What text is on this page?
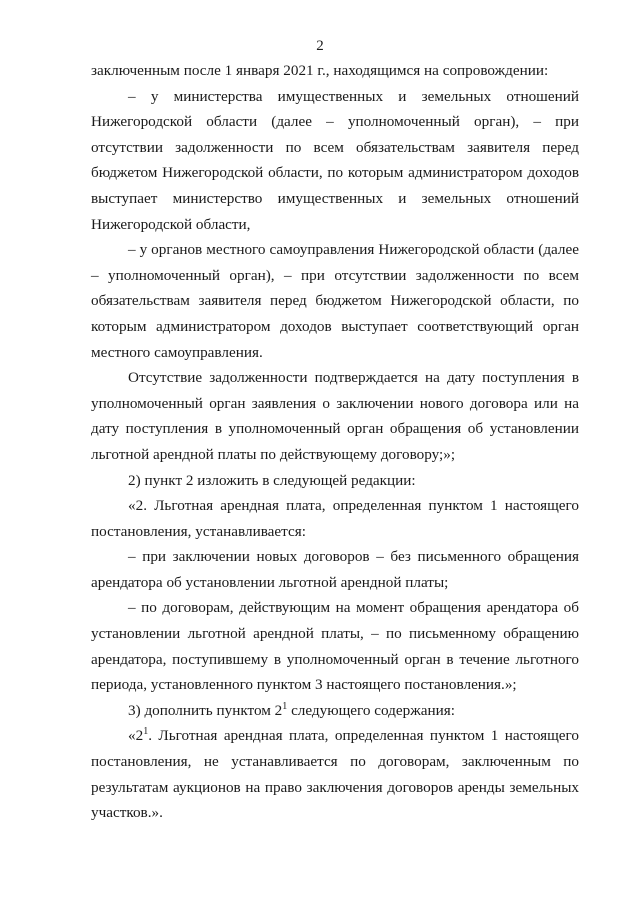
2

заключенным после 1 января 2021 г., находящимся на сопровождении:

– у министерства имущественных и земельных отношений Нижегородской области (далее – уполномоченный орган), – при отсутствии задолженности по всем обязательствам заявителя перед бюджетом Нижегородской области, по которым администратором доходов выступает министерство имущественных и земельных отношений Нижегородской области,

– у органов местного самоуправления Нижегородской области (далее – уполномоченный орган), – при отсутствии задолженности по всем обязательствам заявителя перед бюджетом Нижегородской области, по которым администратором доходов выступает соответствующий орган местного самоуправления.

Отсутствие задолженности подтверждается на дату поступления в уполномоченный орган заявления о заключении нового договора или на дату поступления в уполномоченный орган обращения об установлении льготной арендной платы по действующему договору;»;

2) пункт 2 изложить в следующей редакции:

«2. Льготная арендная плата, определенная пунктом 1 настоящего постановления, устанавливается:

– при заключении новых договоров – без письменного обращения арендатора об установлении льготной арендной платы;

– по договорам, действующим на момент обращения арендатора об установлении льготной арендной платы, – по письменному обращению арендатора, поступившему в уполномоченный орган в течение льготного периода, установленного пунктом 3 настоящего постановления.»;

3) дополнить пунктом $2^1$ следующего содержания:

«$2^1$. Льготная арендная плата, определенная пунктом 1 настоящего постановления, не устанавливается по договорам, заключенным по результатам аукционов на право заключения договоров аренды земельных участков.».
